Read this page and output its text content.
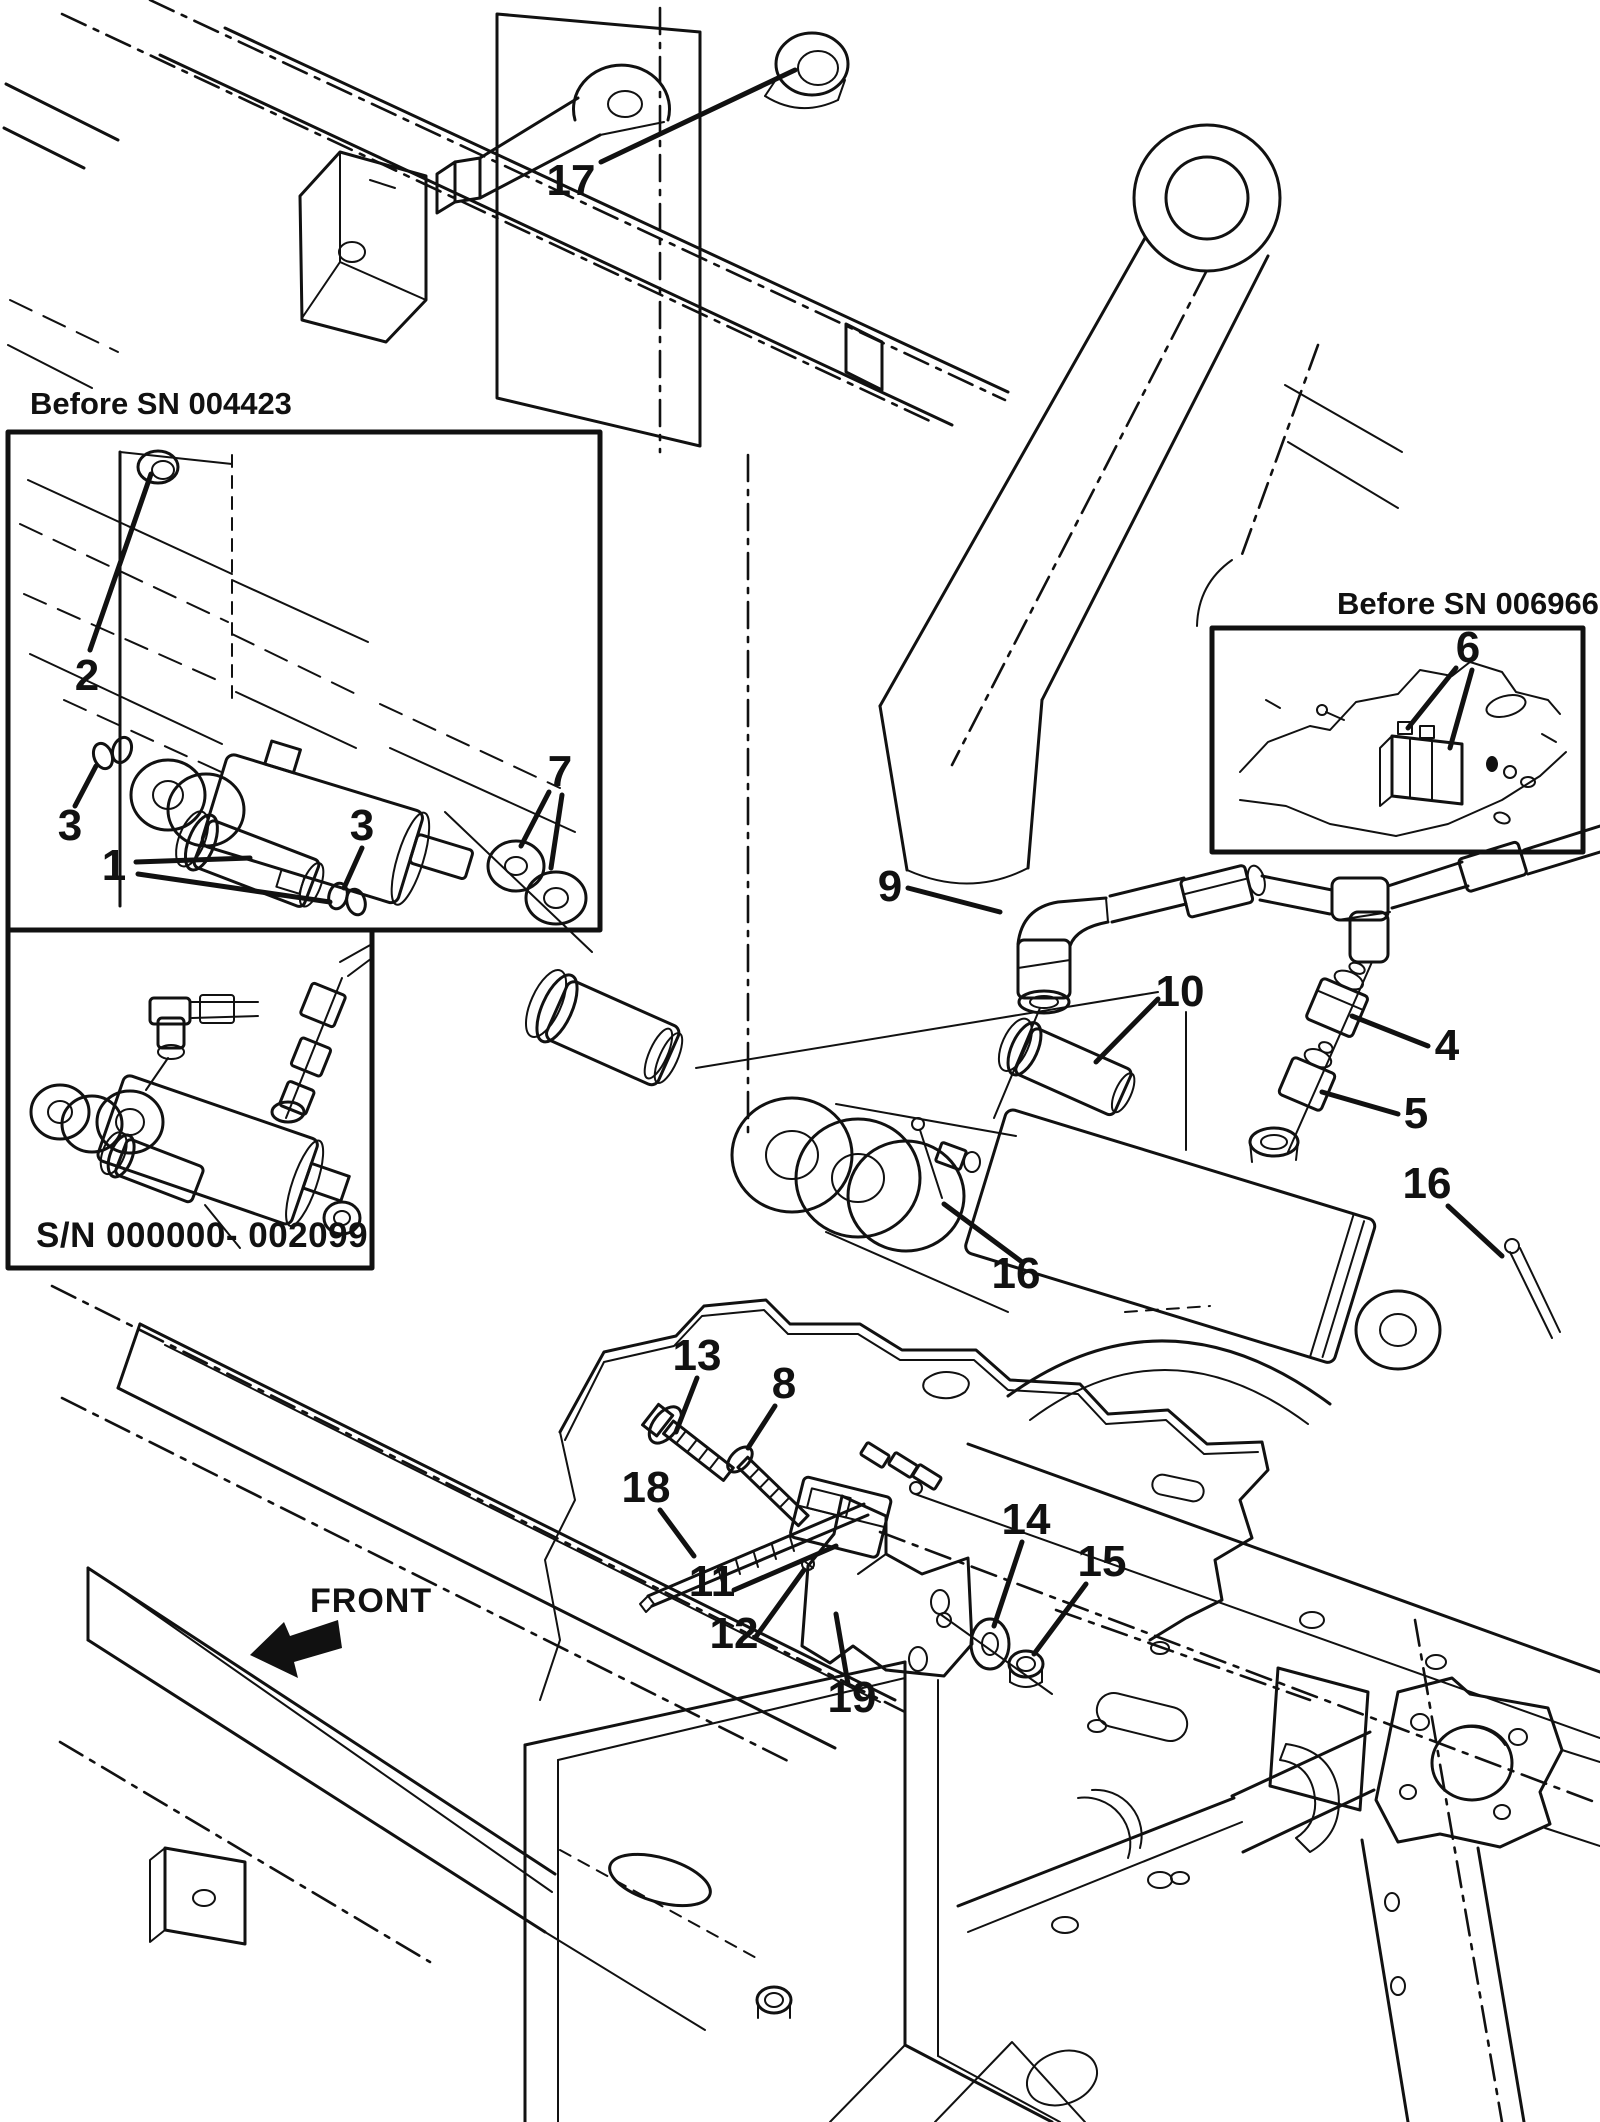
17
Before SN 004423
2
3
7
3
1
S/N 000000- 002099
Before SN 006966
6
9
4
5
10
16
16
13
8
18
11
12
19
14
15
FRONT
